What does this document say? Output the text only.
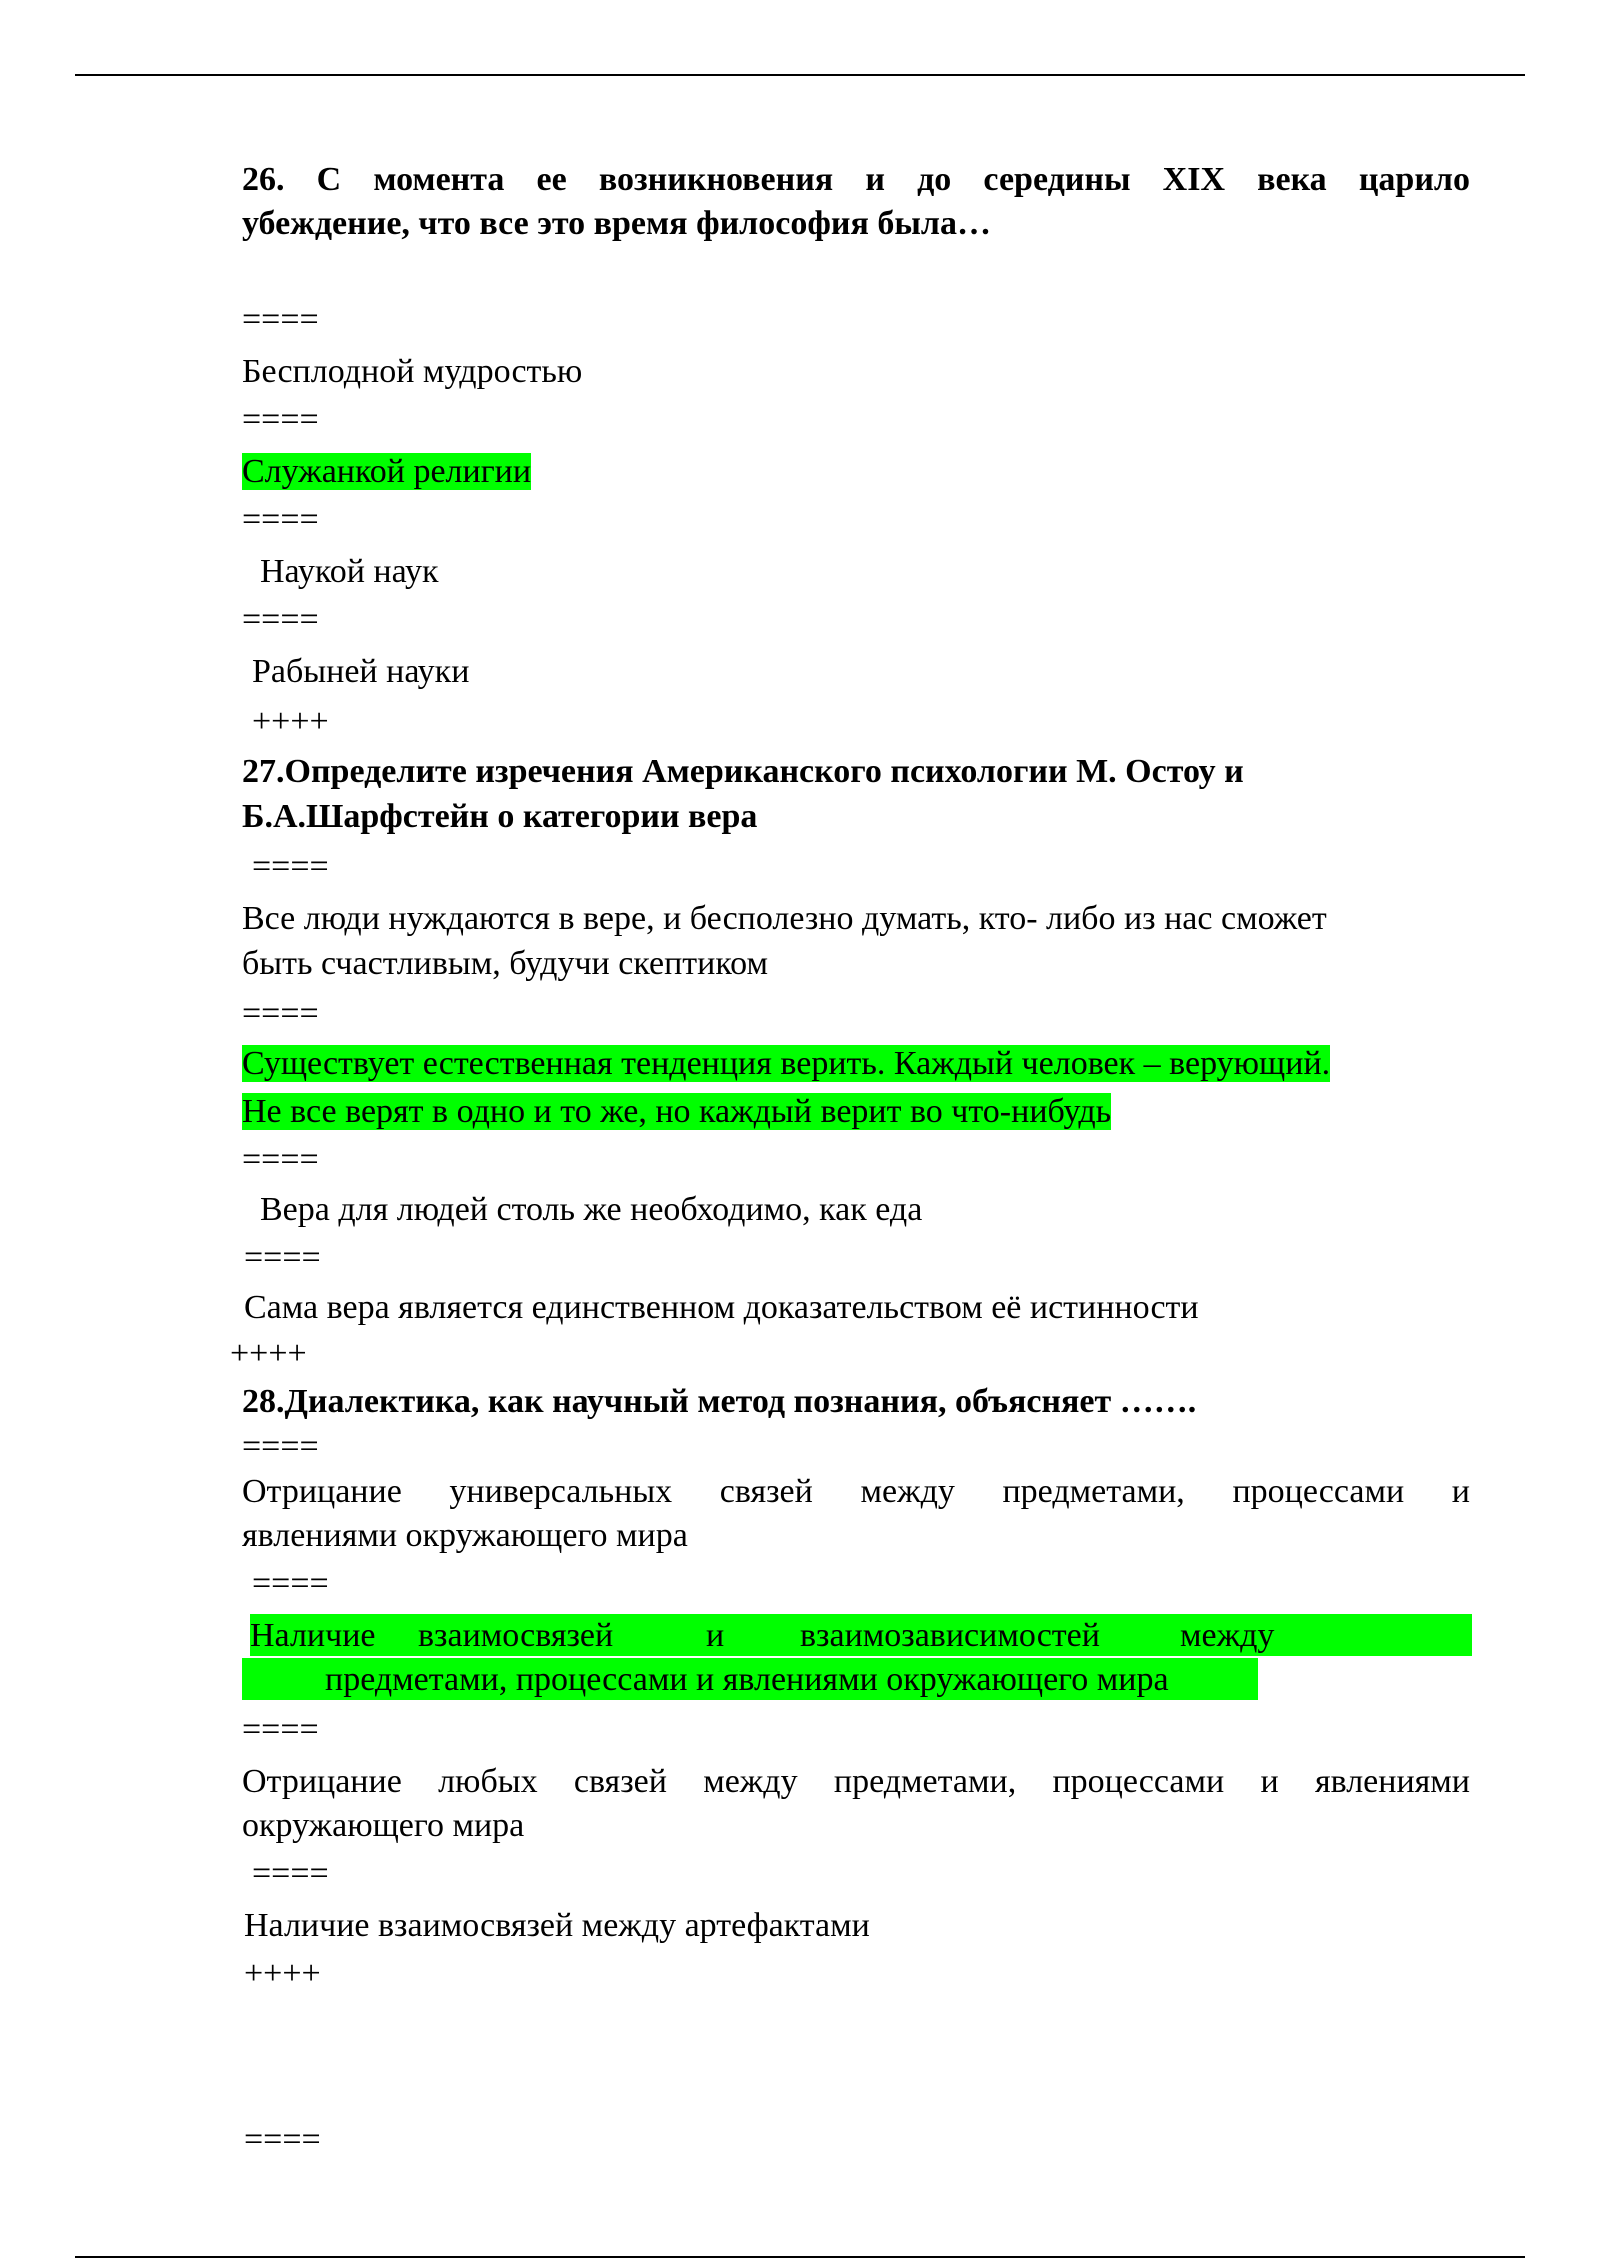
26. С момента ее возникновения и до середины XIX века царило
убеждение, что все это время философия была…
====
Бесплодной мудростью
====
Служанкой религии
====
Наукой наук
====
Рабыней науки
++++
27.Определите изречения Американского психологии М. Остоу и
Б.А.Шарфстейн о категории вера
====
Все люди нуждаются в вере, и бесполезно думать, кто- либо из нас сможет
быть счастливым, будучи скептиком
====
Существует естественная тенденция верить. Каждый человек – верующий.
Не все верят в одно и то же, но каждый верит во что-нибудь
====
Вера для людей столь же необходимо, как еда
====
Сама вера является единственном доказательством её истинности
++++
28.Диалектика, как научный метод познания, объясняет …….
====
Отрицание универсальных связей между предметами, процессами и
явлениями окружающего мира
====
Наличие взаимосвязей	и взаимозависимостей между
предметами, процессами и явлениями окружающего мира
====
Отрицание любых связей между предметами, процессами и явлениями
окружающего мира
====
Наличие взаимосвязей между артефактами
++++
====
